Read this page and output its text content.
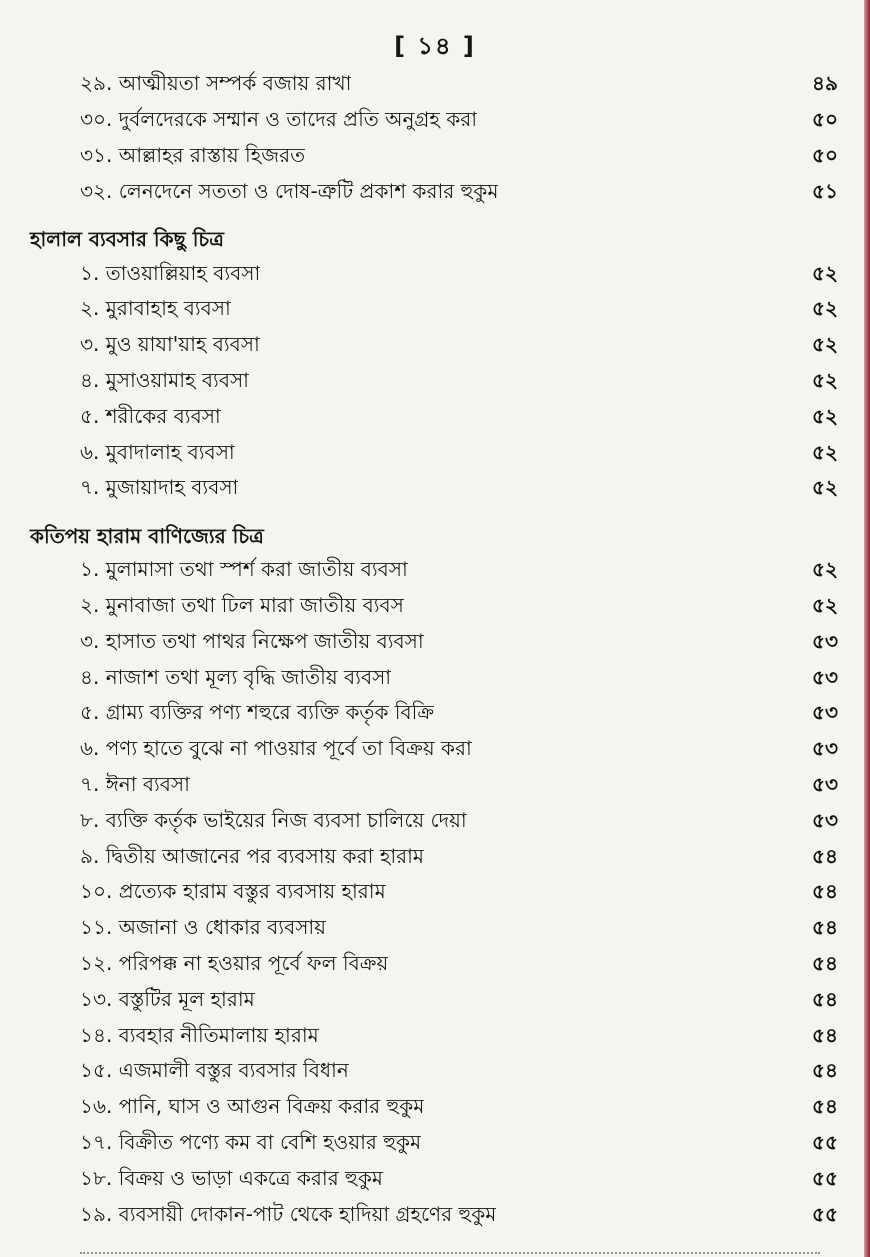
[ ১৪ ]
২৯. আত্মীয়তা সম্পর্ক বজায় রাখা	৪৯
৩০. দুর্বলদেরকে সম্মান ও তাদের প্রতি অনুগ্রহ করা	৫০
৩১. আল্লাহর রাস্তায় হিজরত	৫০
৩২. লেনদেনে সততা ও দোষ-ত্রুটি প্রকাশ করার হুকুম	৫১
হালাল ব্যবসার কিছু চিত্র
১. তাওয়াল্লিয়াহ ব্যবসা	৫২
২. মুরাবাহাহ ব্যবসা	৫২
৩. মুও য়াযা'য়াহ ব্যবসা	৫২
৪. মুসাওয়ামাহ ব্যবসা	৫২
৫. শরীকের ব্যবসা	৫২
৬. মুবাদালাহ ব্যবসা	৫২
৭. মুজায়াদাহ ব্যবসা	৫২
কতিপয় হারাম বাণিজ্যের চিত্র
১. মুলামাসা তথা স্পর্শ করা জাতীয় ব্যবসা	৫২
২. মুনাবাজা তথা ঢিল মারা জাতীয় ব্যবস	৫২
৩. হাসাত তথা পাথর নিক্ষেপ জাতীয় ব্যবসা	৫৩
৪. নাজাশ তথা মূল্য বৃদ্ধি জাতীয় ব্যবসা	৫৩
৫. গ্রাম্য ব্যক্তির পণ্য শহুরে ব্যক্তি কর্তৃক বিক্রি	৫৩
৬. পণ্য হাতে বুঝে না পাওয়ার পূর্বে তা বিক্রয় করা	৫৩
৭. ঈনা ব্যবসা	৫৩
৮. ব্যক্তি কর্তৃক ভাইয়ের নিজ ব্যবসা চালিয়ে দেয়া	৫৩
৯. দ্বিতীয় আজানের পর ব্যবসায় করা হারাম	৫৪
১০. প্রত্যেক হারাম বস্তুর ব্যবসায় হারাম	৫৪
১১. অজানা ও ধোকার ব্যবসায়	৫৪
১২. পরিপক্ক না হওয়ার পূর্বে ফল বিক্রয়	৫৪
১৩. বস্তুটির মূল হারাম	৫৪
১৪. ব্যবহার নীতিমালায় হারাম	৫৪
১৫. এজমালী বস্তুর ব্যবসার বিধান	৫৪
১৬. পানি, ঘাস ও আগুন বিক্রয় করার হুকুম	৫৪
১৭. বিক্রীত পণ্যে কম বা বেশি হওয়ার হুকুম	৫৫
১৮. বিক্রয় ও ভাড়া একত্রে করার হুকুম	৫৫
১৯. ব্যবসায়ী দোকান-পাট থেকে হাদিয়া গ্রহণের হুকুম	৫৫
